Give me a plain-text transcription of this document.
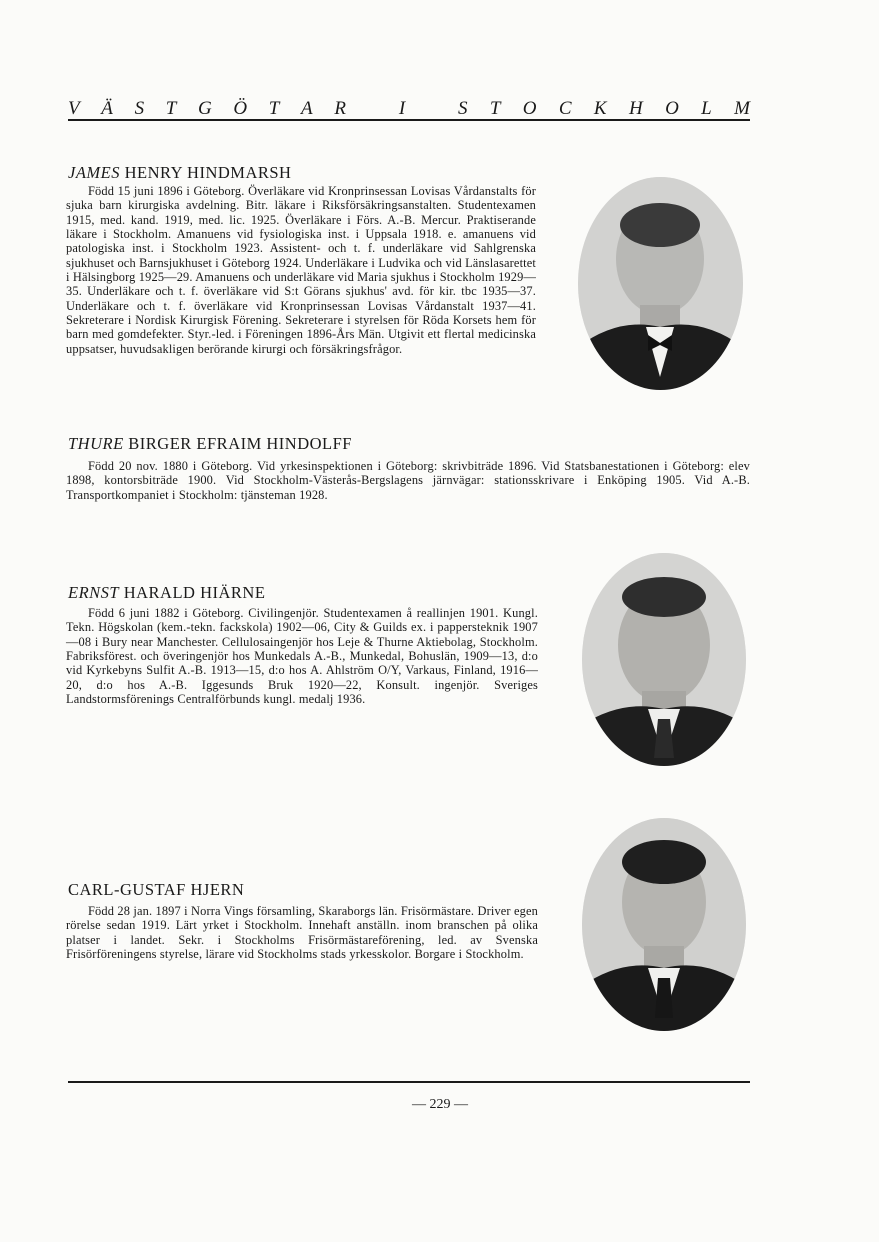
V Ä S T G Ö T A R	I	S T O C K H O L M
JAMES HENRY HINDMARSH

Född 15 juni 1896 i Göteborg. Överläkare vid Kronprinsessan Lovisas Vårdanstalts för sjuka barn kirurgiska avdelning. Bitr. läkare i Riksförsäkringsanstalten. Studentexamen 1915, med. kand. 1919, med. lic. 1925. Överläkare i Förs. A.-B. Mercur. Praktiserande läkare i Stockholm. Amanuens vid fysiologiska inst. i Uppsala 1918. e. amanuens vid patologiska inst. i Stockholm 1923. Assistent- och t. f. underläkare vid Sahlgrenska sjukhuset och Barnsjukhuset i Göteborg 1924. Underläkare i Ludvika och vid Länslasarettet i Hälsingborg 1925—29. Amanuens och underläkare vid Maria sjukhus i Stockholm 1929—35. Underläkare och t. f. överläkare vid S:t Görans sjukhus' avd. för kir. tbc 1935—37. Underläkare och t. f. överläkare vid Kronprinsessan Lovisas Vårdanstalt 1937—41. Sekreterare i Nordisk Kirurgisk Förening. Sekreterare i styrelsen för Röda Korsets hem för barn med gomdefekter. Styr.-led. i Föreningen 1896-Års Män. Utgivit ett flertal medicinska uppsatser, huvudsakligen berörande kirurgi och försäkringsfrågor.

THURE BIRGER EFRAIM HINDOLFF

Född 20 nov. 1880 i Göteborg. Vid yrkesinspektionen i Göteborg: skrivbiträde 1896. Vid Statsbanestationen i Göteborg: elev 1898, kontorsbiträde 1900. Vid Stockholm-Västerås-Bergslagens järnvägar: stationsskrivare i Enköping 1905. Vid A.-B. Transportkompaniet i Stockholm: tjänsteman 1928.

ERNST HARALD HIÄRNE

Född 6 juni 1882 i Göteborg. Civilingenjör. Studentexamen å reallinjen 1901. Kungl. Tekn. Högskolan (kem.-tekn. fackskola) 1902—06, City & Guilds ex. i pappersteknik 1907—08 i Bury near Manchester. Cellulosaingenjör hos Leje & Thurne Aktiebolag, Stockholm. Fabriksförest. och överingenjör hos Munkedals A.-B., Munkedal, Bohuslän, 1909—13, d:o vid Kyrkebyns Sulfit A.-B. 1913—15, d:o hos A. Ahlström O/Y, Varkaus, Finland, 1916—20, d:o hos A.-B. Iggesunds Bruk 1920—22, Konsult. ingenjör. Sveriges Landstormsförenings Centralförbunds kungl. medalj 1936.

CARL-GUSTAF HJERN

Född 28 jan. 1897 i Norra Vings församling, Skaraborgs län. Frisörmästare. Driver egen rörelse sedan 1919. Lärt yrket i Stockholm. Innehaft anställn. inom branschen på olika platser i landet. Sekr. i Stockholms Frisörmästareförening, led. av Svenska Frisörföreningens styrelse, lärare vid Stockholms stads yrkesskolor. Borgare i Stockholm.

— 229 —
